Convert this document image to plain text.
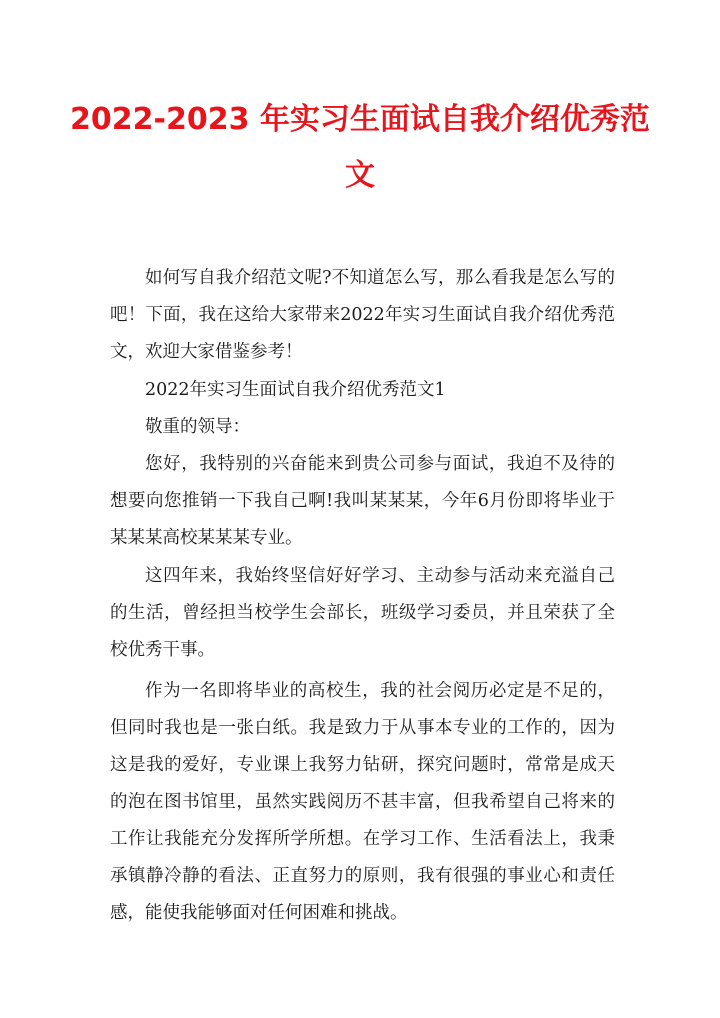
2022-2023 年实习生面试自我介绍优秀范
文

如何写自我介绍范文呢?不知道怎么写，那么看我是怎么写的吧！下面，我在这给大家带来2022年实习生面试自我介绍优秀范文，欢迎大家借鉴参考！

2022年实习生面试自我介绍优秀范文1

敬重的领导：

您好，我特别的兴奋能来到贵公司参与面试，我迫不及待的想要向您推销一下我自己啊!我叫某某某，今年6月份即将毕业于某某某高校某某某专业。

这四年来，我始终坚信好好学习、主动参与活动来充溢自己的生活，曾经担当校学生会部长，班级学习委员，并且荣获了全校优秀干事。

作为一名即将毕业的高校生，我的社会阅历必定是不足的，但同时我也是一张白纸。我是致力于从事本专业的工作的，因为这是我的爱好，专业课上我努力钻研，探究问题时，常常是成天的泡在图书馆里，虽然实践阅历不甚丰富，但我希望自己将来的工作让我能充分发挥所学所想。在学习工作、生活看法上，我秉承镇静冷静的看法、正直努力的原则，我有很强的事业心和责任感，能使我能够面对任何困难和挑战。
